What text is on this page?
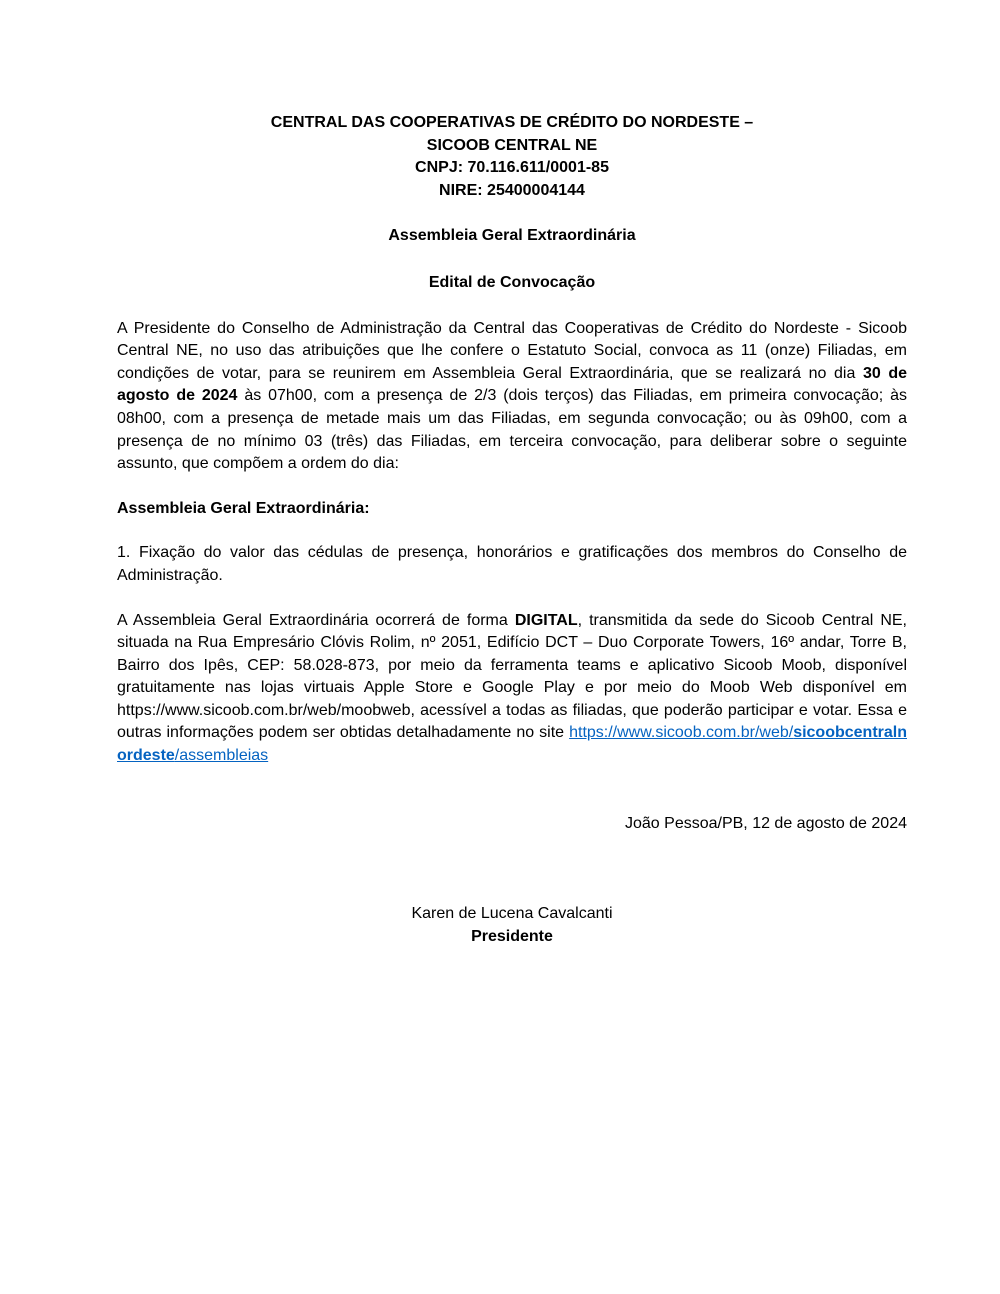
CENTRAL DAS COOPERATIVAS DE CRÉDITO DO NORDESTE –
SICOOB CENTRAL NE
CNPJ: 70.116.611/0001-85
NIRE: 25400004144
Assembleia Geral Extraordinária
Edital de Convocação

A Presidente do Conselho de Administração da Central das Cooperativas de Crédito do Nordeste - Sicoob Central NE, no uso das atribuições que lhe confere o Estatuto Social, convoca as 11 (onze) Filiadas, em condições de votar, para se reunirem em Assembleia Geral Extraordinária, que se realizará no dia 30 de agosto de 2024 às 07h00, com a presença de 2/3 (dois terços) das Filiadas, em primeira convocação; às 08h00, com a presença de metade mais um das Filiadas, em segunda convocação; ou às 09h00, com a presença de no mínimo 03 (três) das Filiadas, em terceira convocação, para deliberar sobre o seguinte assunto, que compõem a ordem do dia:

Assembleia Geral Extraordinária:

1. Fixação do valor das cédulas de presença, honorários e gratificações dos membros do Conselho de Administração.

A Assembleia Geral Extraordinária ocorrerá de forma DIGITAL, transmitida da sede do Sicoob Central NE, situada na Rua Empresário Clóvis Rolim, nº 2051, Edifício DCT – Duo Corporate Towers, 16º andar, Torre B, Bairro dos Ipês, CEP: 58.028-873, por meio da ferramenta teams e aplicativo Sicoob Moob, disponível gratuitamente nas lojas virtuais Apple Store e Google Play e por meio do Moob Web disponível em https://www.sicoob.com.br/web/moobweb, acessível a todas as filiadas, que poderão participar e votar. Essa e outras informações podem ser obtidas detalhadamente no site https://www.sicoob.com.br/web/sicoobcentralnordeste/assembleias

João Pessoa/PB, 12 de agosto de 2024
Karen de Lucena Cavalcanti
Presidente
